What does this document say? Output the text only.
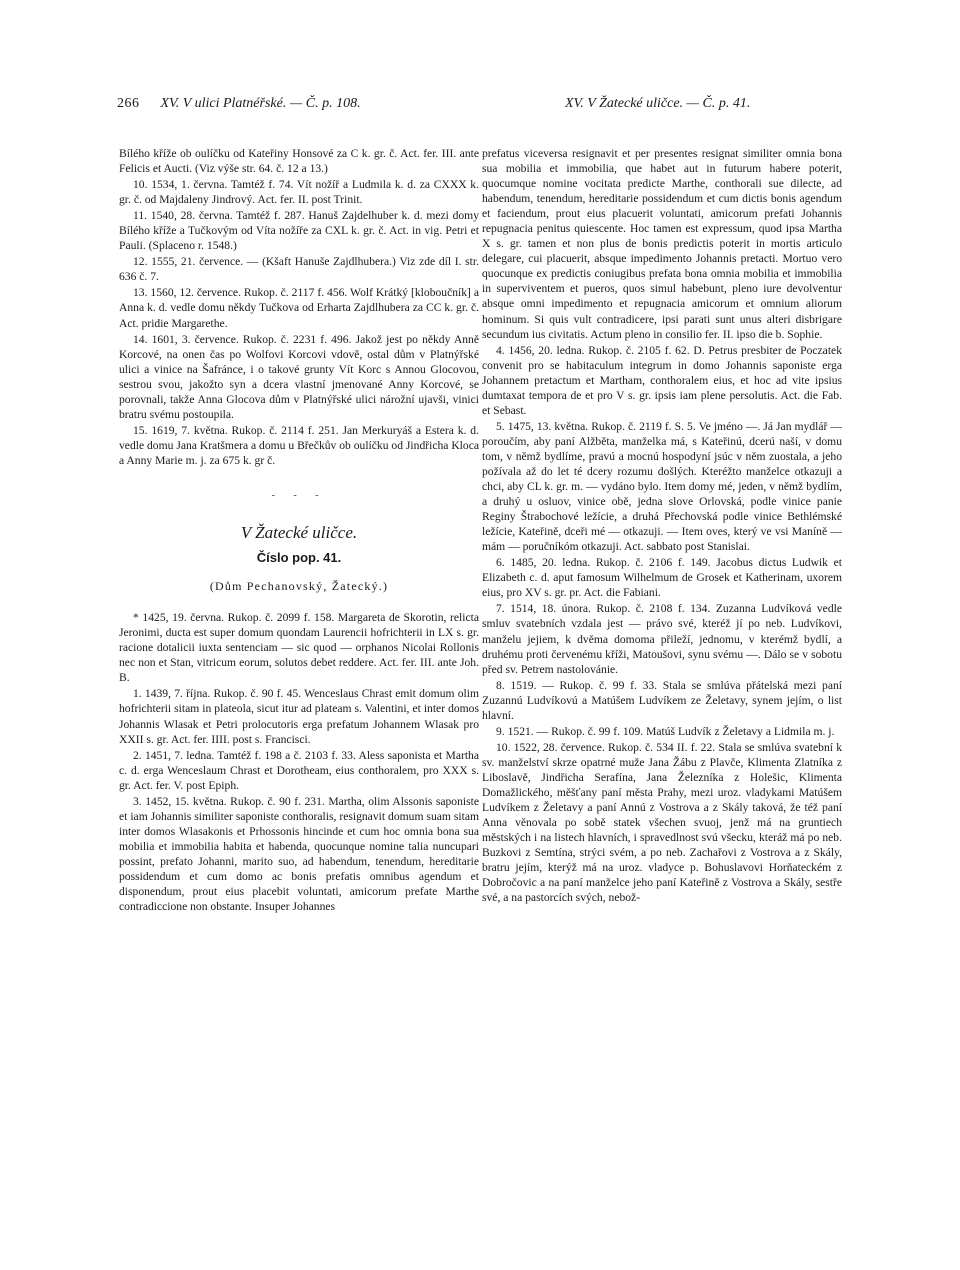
266 XV. V ulici Platnéřské. — Č. p. 108.	XV. V Žatecké uličce. — Č. p. 41.

Bílého kříže ob oulíčku od Kateřiny Honsové za C k. gr. č. Act. fer. III. ante Felicis et Aucti. (Viz výše str. 64. č. 12 a 13.)

10. 1534, 1. června. Tamtéž f. 74. Vít nožíř a Ludmila k. d. za CXXX k. gr. č. od Majdaleny Jindrový. Act. fer. II. post Trinit.

11. 1540, 28. června. Tamtéž f. 287. Hanuš Zajdelhuber k. d. mezi domy Bílého kříže a Tučkovým od Víta nožíře za CXL k. gr. č. Act. in vig. Petri et Pauli. (Splaceno r. 1548.)

12. 1555, 21. července. — (Kšaft Hanuše Zajdlhubera.) Viz zde díl I. str. 636 č. 7.

13. 1560, 12. července. Rukop. č. 2117 f. 456. Wolf Krátký [kloboučník] a Anna k. d. vedle domu někdy Tučkova od Erharta Zajdlhubera za CC k. gr. č. Act. pridie Margarethe.

14. 1601, 3. července. Rukop. č. 2231 f. 496. Jakož jest po někdy Anně Korcové, na onen čas po Wolfovi Korcovi vdově, ostal dům v Platnýřské ulici a vinice na Šafránce, i o takové grunty Vít Korc s Annou Glocovou, sestrou svou, jakožto syn a dcera vlastní jmenované Anny Korcové, se porovnali, takže Anna Glocova dům v Platnýřské ulici nárožní ujavši, vinici bratru svému postoupila.

15. 1619, 7. května. Rukop. č. 2114 f. 251. Jan Merkuryáš a Estera k. d. vedle domu Jana Kratšmera a domu u Břečkův ob oulíčku od Jindřicha Kloca a Anny Marie m. j. za 675 k. gr č.

- - -
V Žatecké uličce.
Číslo pop. 41.
(Dům Pechanovský, Žatecký.)

* 1425, 19. června. Rukop. č. 2099 f. 158. Margareta de Skorotin, relicta Jeronimi, ducta est super domum quondam Laurencii hofrichterii in LX s. gr. racione dotalicii iuxta sentenciam — sic quod — orphanos Nicolai Rollonis nec non et Stan, vitricum eorum, solutos debet reddere. Act. fer. III. ante Joh. B.

1. 1439, 7. října. Rukop. č. 90 f. 45. Wenceslaus Chrast emit domum olim hofrichterii sitam in plateola, sicut itur ad plateam s. Valentini, et inter domos Johannis Wlasak et Petri prolocutoris erga prefatum Johannem Wlasak pro XXII s. gr. Act. fer. IIII. post s. Francisci.

2. 1451, 7. ledna. Tamtéž f. 198 a č. 2103 f. 33. Aless saponista et Martha c. d. erga Wenceslaum Chrast et Dorotheam, eius conthoralem, pro XXX s. gr. Act. fer. V. post Epiph.

3. 1452, 15. května. Rukop. č. 90 f. 231. Martha, olim Alssonis saponiste et iam Johannis similiter saponiste conthoralis, resignavit domum suam sitam inter domos Wlasakonis et Prhossonis hincinde et cum hoc omnia bona sua mobilia et immobilia habita et habenda, quocunque nomine talia nuncupari possint, prefato Johanni, marito suo, ad habendum, tenendum, hereditarie possidendum et cum domo ac bonis prefatis omnibus agendum et disponendum, prout eius placebit voluntati, amicorum prefate Marthe contradiccione non obstante. Insuper Johannes

prefatus viceversa resignavit et per presentes resignat similiter omnia bona sua mobilia et immobilia, que habet aut in futurum habere poterit, quocumque nomine vocitata predicte Marthe, conthorali sue dilecte, ad habendum, tenendum, hereditarie possidendum et cum dictis bonis agendum et faciendum, prout eius placuerit voluntati, amicorum prefati Johannis repugnacia penitus quiescente. Hoc tamen est expressum, quod ipsa Martha X s. gr. tamen et non plus de bonis predictis poterit in mortis articulo delegare, cui placuerit, absque impedimento Johannis pretacti. Mortuo vero quocunque ex predictis coniugibus prefata bona omnia mobilia et immobilia in superviventem et pueros, quos simul habebunt, pleno iure devolventur absque omni impedimento et repugnacia amicorum et omnium aliorum hominum. Si quis vult contradicere, ipsi parati sunt unus alteri disbrigare secundum ius civitatis. Actum pleno in consilio fer. II. ipso die b. Sophie.

4. 1456, 20. ledna. Rukop. č. 2105 f. 62. D. Petrus presbiter de Poczatek convenit pro se habitaculum integrum in domo Johannis saponiste erga Johannem pretactum et Martham, conthoralem eius, et hoc ad vite ipsius dumtaxat tempora de et pro V s. gr. ipsis iam plene persolutis. Act. die Fab. et Sebast.

5. 1475, 13. května. Rukop. č. 2119 f. S. 5. Ve jméno —. Já Jan mydlář — poroučím, aby paní Alžběta, manželka má, s Kateřinú, dcerú naší, v domu tom, v němž bydlíme, pravú a mocnú hospodyní jsúc v něm zuostala, a jeho požívala až do let té dcery rozumu došlých. Kteréžto manželce otkazuji a chci, aby CL k. gr. m. — vydáno bylo. Item domy mé, jeden, v němž bydlím, a druhý u osluov, vinice obě, jedna slove Orlovská, podle vinice panie Reginy Štrabochové ležície, a druhá Přechovská podle vinice Bethlémské ležície, Kateřině, dceři mé — otkazuji. — Item oves, který ve vsi Maníně — mám — poručníkóm otkazuji. Act. sabbato post Stanislai.

6. 1485, 20. ledna. Rukop. č. 2106 f. 149. Jacobus dictus Ludwik et Elizabeth c. d. aput famosum Wilhelmum de Grosek et Katherinam, uxorem eius, pro XV s. gr. pr. Act. die Fabiani.

7. 1514, 18. února. Rukop. č. 2108 f. 134. Zuzanna Ludvíková vedle smluv svatebních vzdala jest — právo své, kteréž jí po neb. Ludvíkovi, manželu jejiem, k dvěma domoma přileží, jednomu, v kterémž bydlí, a druhému proti červenému kříži, Matoušovi, synu svému —. Dálo se v sobotu před sv. Petrem nastolovánie.

8. 1519. — Rukop. č. 99 f. 33. Stala se smlúva přátelská mezi paní Zuzannú Ludvíkovú a Matúšem Ludvíkem ze Želetavy, synem jejím, o list hlavní.

9. 1521. — Rukop. č. 99 f. 109. Matúš Ludvík z Želetavy a Lidmila m. j.

10. 1522, 28. července. Rukop. č. 534 II. f. 22. Stala se smlúva svatební k sv. manželství skrze opatrné muže Jana Žábu z Plavče, Klimenta Zlatníka z Liboslavě, Jindřicha Serafína, Jana Železníka z Holešic, Klimenta Domažlického, měšťany paní města Prahy, mezi uroz. vladykami Matúšem Ludvíkem z Želetavy a paní Annú z Vostrova a z Skály taková, že též paní Anna věnovala po sobě statek všechen svuoj, jenž má na gruntiech městských i na listech hlavních, i spravedlnost svú všecku, kteráž má po neb. Buzkovi z Semtína, strýci svém, a po neb. Zachařovi z Vostrova a z Skály, bratru jejím, kterýž má na uroz. vladyce p. Bohuslavovi Horňateckém z Dobročovic a na paní manželce jeho paní Kateřině z Vostrova a Skály, sestře své, a na pastorcích svých, nebož-
